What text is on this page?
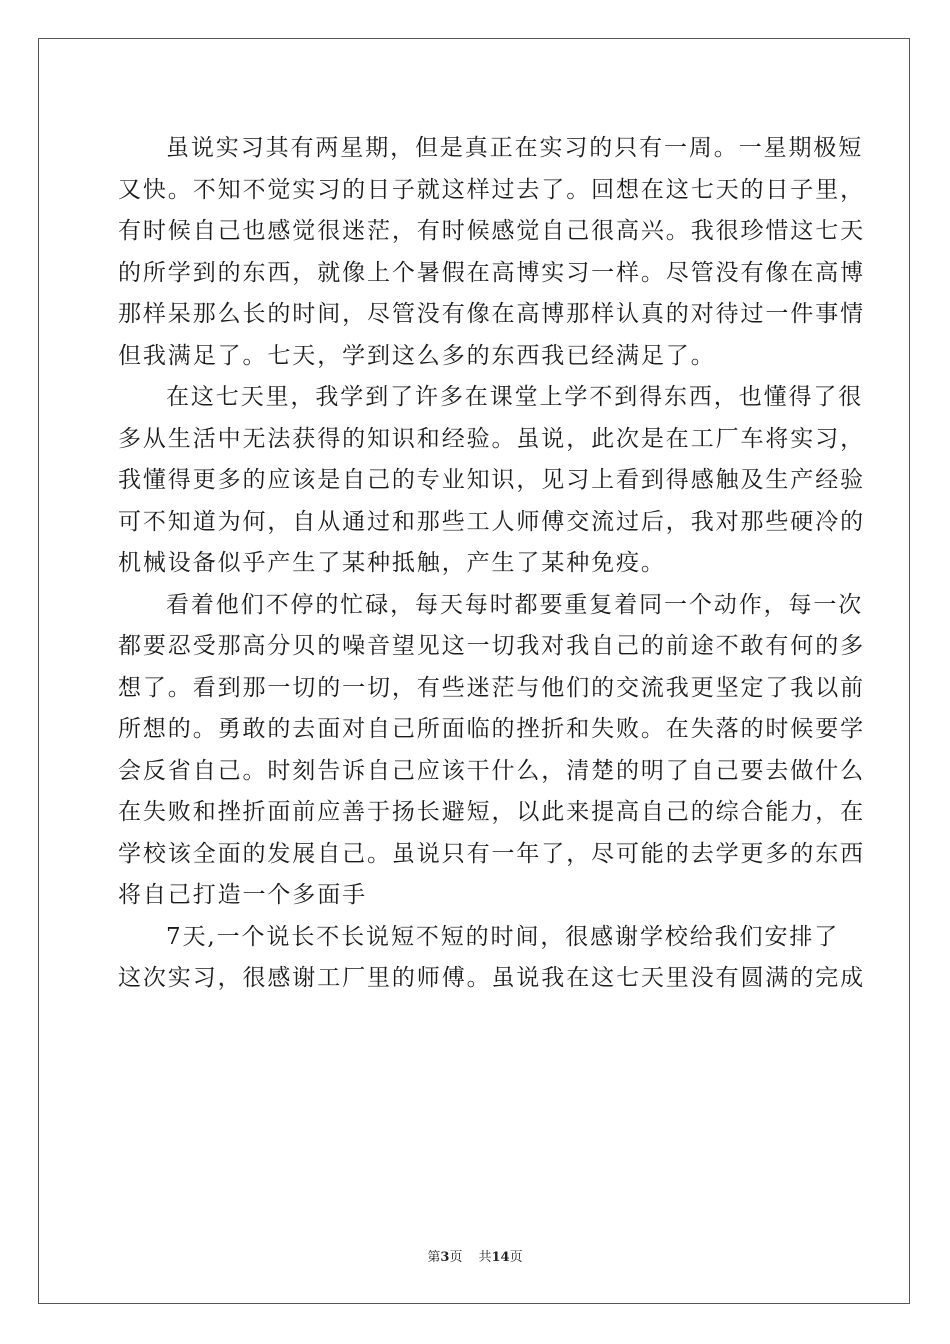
虽说实习其有两星期，但是真正在实习的只有一周。一星期极短
又快。不知不觉实习的日子就这样过去了。回想在这七天的日子里，
有时候自己也感觉很迷茫，有时候感觉自己很高兴。我很珍惜这七天
的所学到的东西，就像上个暑假在高博实习一样。尽管没有像在高博
那样呆那么长的时间，尽管没有像在高博那样认真的对待过一件事情
但我满足了。七天，学到这么多的东西我已经满足了。

在这七天里，我学到了许多在课堂上学不到得东西，也懂得了很
多从生活中无法获得的知识和经验。虽说，此次是在工厂车将实习，
我懂得更多的应该是自己的专业知识，见习上看到得感触及生产经验
可不知道为何，自从通过和那些工人师傅交流过后，我对那些硬冷的
机械设备似乎产生了某种抵触，产生了某种免疫。

看着他们不停的忙碌，每天每时都要重复着同一个动作，每一次
都要忍受那高分贝的噪音望见这一切我对我自己的前途不敢有何的多
想了。看到那一切的一切，有些迷茫与他们的交流我更坚定了我以前
所想的。勇敢的去面对自己所面临的挫折和失败。在失落的时候要学
会反省自己。时刻告诉自己应该干什么，清楚的明了自己要去做什么
在失败和挫折面前应善于扬长避短，以此来提高自己的综合能力，在
学校该全面的发展自己。虽说只有一年了，尽可能的去学更多的东西
将自己打造一个多面手

7天,一个说长不长说短不短的时间，很感谢学校给我们安排了
这次实习，很感谢工厂里的师傅。虽说我在这七天里没有圆满的完成

第3页 共14页
